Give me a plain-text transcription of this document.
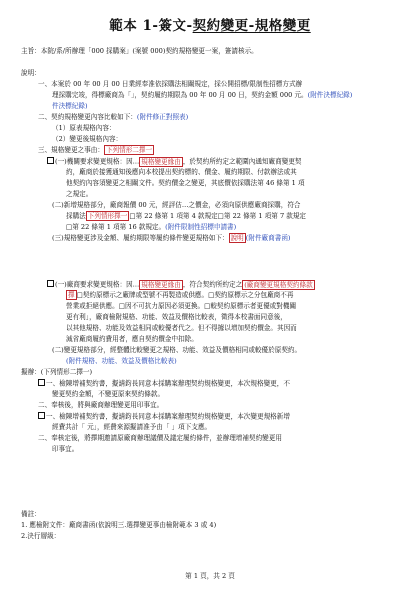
範本 1-簽文-契約變更-規格變更
主旨：本院/系/所辦理「000 採購案」(案號 000)契約規格變更一案，簽請核示。
說明：
一、本案於 00 年 00 月 00 日業經奉准依採購法相關規定，採公開招標/限制性招標方式辦
理採購完竣，得標廠商為「」，契約履約期限為 00 年 00 月 00 日，契約金額 000 元。(附件決標紀錄)
件決標紀錄)
二、契約規格變更內容比較如下：(附件修正對照表)
（1）原表規格內容：
（2）變更後規格內容：
三、規格變更之事由： 下列情形二擇一
(一)機關要求變更規格：因… 規格變更緣由 ，於契約所約定之範圍內通知廠商變更契
約，廠商於接獲通知後應向本校提出契約標的、價金、履約期限、付款辦法或其
他契約內容須變更之相關文件。契約價金之變更，其底價依採購法第 46 條第 1 項
之規定。
(二)新增規格部分，廠商報價 00 元，經評估…之價金，必須向原供應廠商採購，符合
採購法 下列情形擇一 □第 22 條第 1 項第 4 款規定□第 22 條第 1 項第 7 款規定
□第 22 條第 1 項第 16 款規定。(附件限制性招標申請書)
(三)規格變更涉及金額、履約期限等履約條件變更規格如下： 說明 (附件廠商書函)
(一)廠商要求變更規格：因… 規格變更緣由 ，符合契約所約定之 (廠商變更規格契約條款
擇 □契約原標示之廠牌或型號不再製造或供應。□契約原標示之分包廠商不再
營業或拒絕供應。□因不可抗力原因必須更換。□較契約原標示者更優或對機關
更有利」，廠商檢附規格、功能、效益及價格比較表，徵得本校書面同意後，
以其他規格、功能及效益相同或較優者代之。但不得據以增加契約價金。其因而
減省廠商履約費用者，應自契約價金中扣除。
(二)變更規格部分，經整體比較變更之規格、功能、效益及價格相同或較優於原契約。
(附件規格、功能、效益及價格比較表)
擬辦：(下列情形二擇一)
一、檢陳增補契約書，擬請鈞長同意本採購案辦理契約規格變更，本次規格變更，不
變更契約金額，不變更原來契約條款。
二、奉核後，將與廠商辦理變更用印事宜。
一、檢陳增補契約書，擬請鈞長同意本採購案辦理契約規格變更，本次變更規格新增
經費共計「 元」，經費來源擬請准予由「 」項下支應。
二、奉核定後，將擇期邀請原廠商辦理議價及議定履約條件，並辦理增補契約變更用
印事宜。
備註：
1. 應檢附文件：廠商書函(依說明三.選擇變更事由檢附範本 3 或 4)
2.決行層級：
第 1 頁，共 2 頁
